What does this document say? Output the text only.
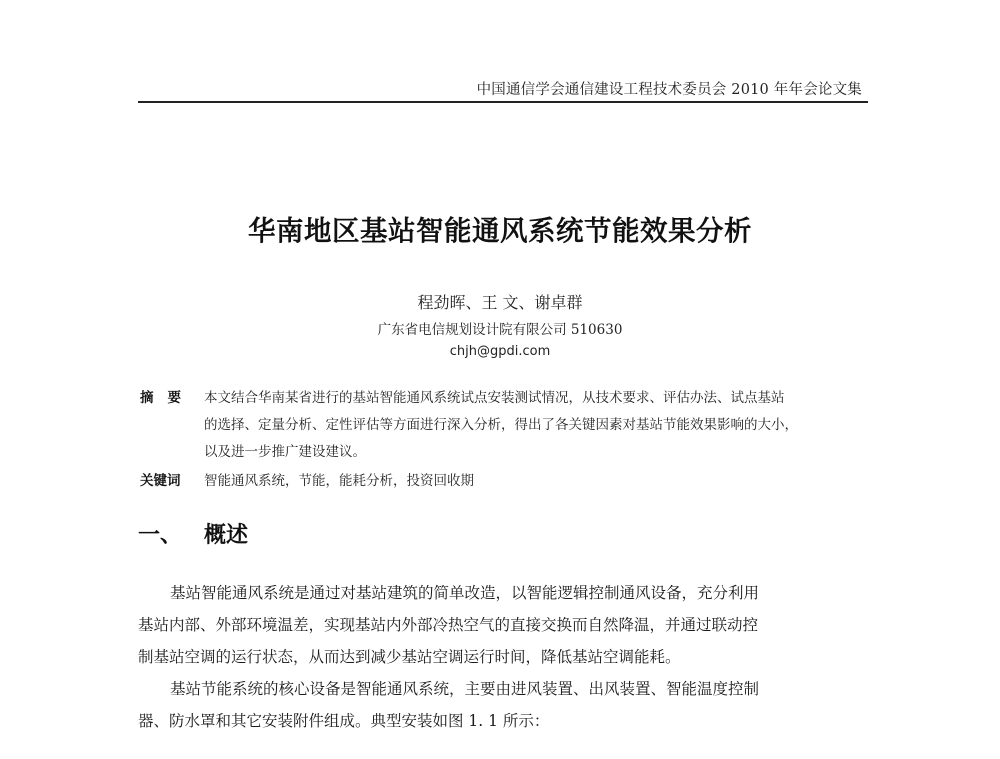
中国通信学会通信建设工程技术委员会 2010 年年会论文集
华南地区基站智能通风系统节能效果分析
程劲晖、王 文、谢卓群
广东省电信规划设计院有限公司 510630
chjh@gpdi.com
摘要 本文结合华南某省进行的基站智能通风系统试点安装测试情况，从技术要求、评估办法、试点基站
的选择、定量分析、定性评估等方面进行深入分析，得出了各关键因素对基站节能效果影响的大小，
以及进一步推广建设建议。
关键词 智能通风系统，节能，能耗分析，投资回收期
一、 概述
基站智能通风系统是通过对基站建筑的简单改造，以智能逻辑控制通风设备，充分利用
基站内部、外部环境温差，实现基站内外部冷热空气的直接交换而自然降温，并通过联动控
制基站空调的运行状态，从而达到减少基站空调运行时间，降低基站空调能耗。
基站节能系统的核心设备是智能通风系统，主要由进风装置、出风装置、智能温度控制
器、防水罩和其它安装附件组成。典型安装如图 1. 1 所示：
